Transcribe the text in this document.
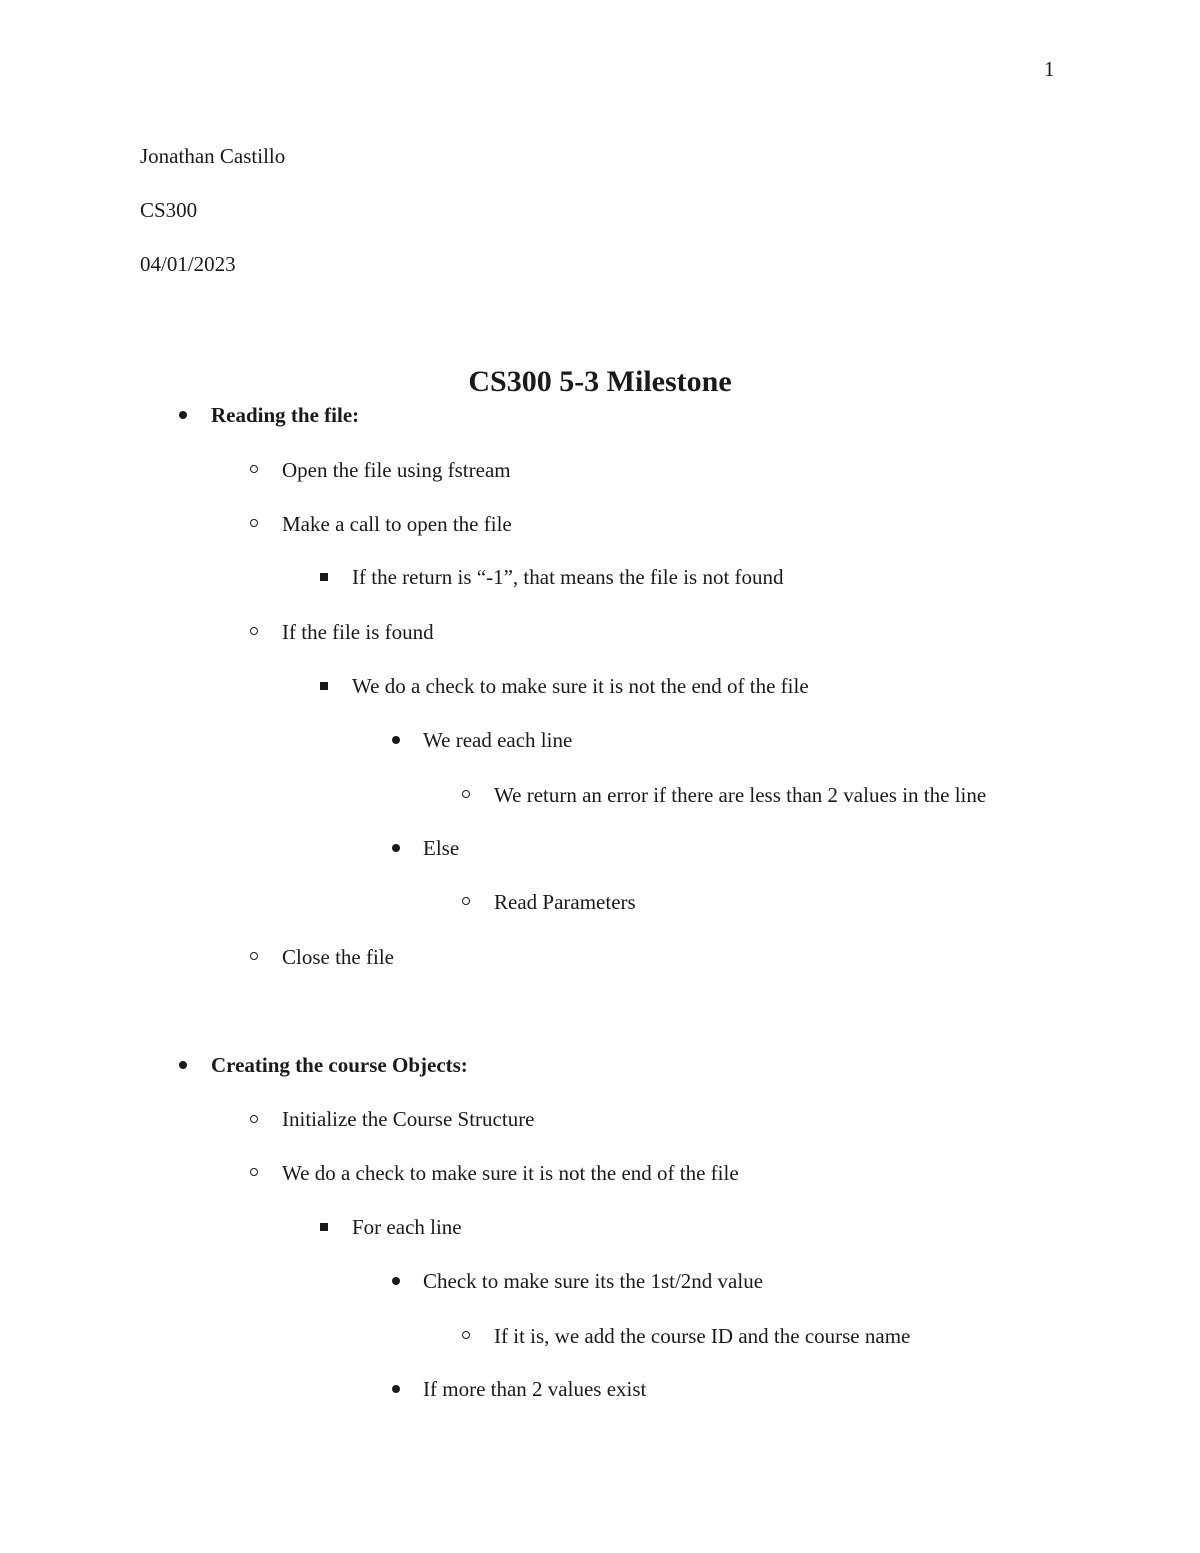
1
Jonathan Castillo
CS300
04/01/2023
CS300 5-3 Milestone
Reading the file:
Open the file using fstream
Make a call to open the file
If the return is “-1”, that means the file is not found
If the file is found
We do a check to make sure it is not the end of the file
We read each line
We return an error if there are less than 2 values in the line
Else
Read Parameters
Close the file
Creating the course Objects:
Initialize the Course Structure
We do a check to make sure it is not the end of the file
For each line
Check to make sure its the 1st/2nd value
If it is, we add the course ID and the course name
If more than 2 values exist
